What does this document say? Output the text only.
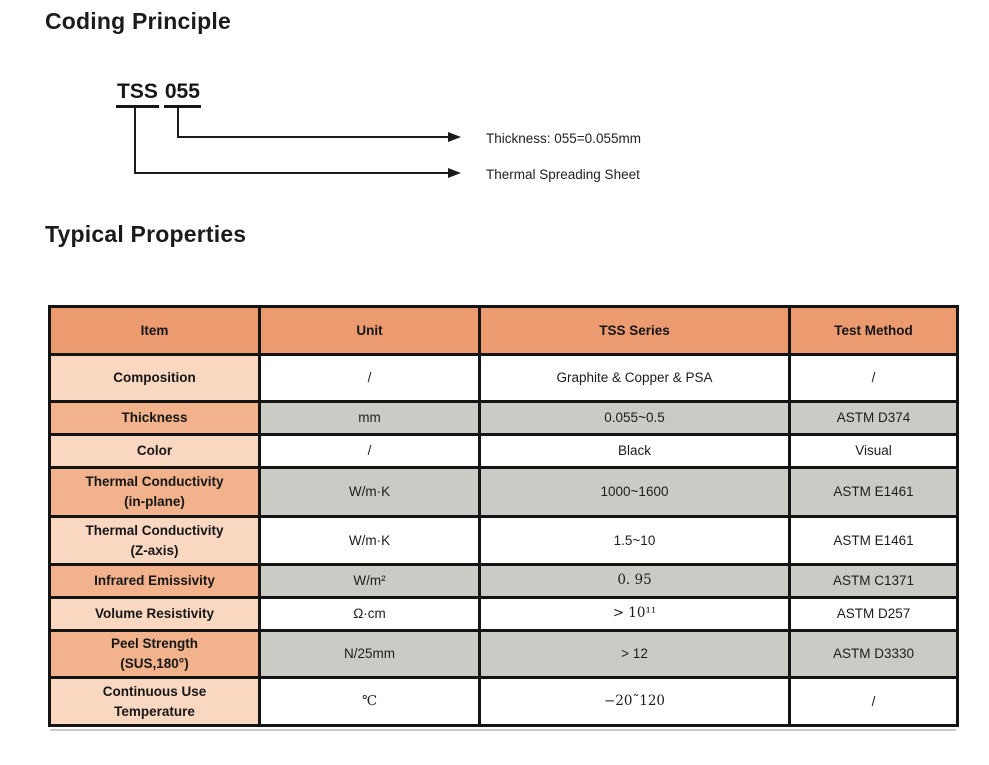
Coding Principle
TSS 055
Thickness: 055=0.055mm
Thermal Spreading Sheet
Typical Properties
Item	Unit	TSS Series	Test Method

Composition	/	Graphite & Copper & PSA	/

Thickness	mm	0.055~0.5	ASTM D374

Color	/	Black	Visual

Thermal Conductivity
(in-plane)	W/m·K	1000~1600	ASTM E1461

Thermal Conductivity
(Z-axis)	W/m·K	1.5~10	ASTM E1461

Infrared Emissivity	W/m²	0. 95	ASTM C1371

Volume Resistivity	Ω·cm	> 10¹¹	ASTM D257

Peel Strength
(SUS,180°)	N/25mm	> 12	ASTM D3330

Continuous Use
Temperature	℃	−20˜120	/
